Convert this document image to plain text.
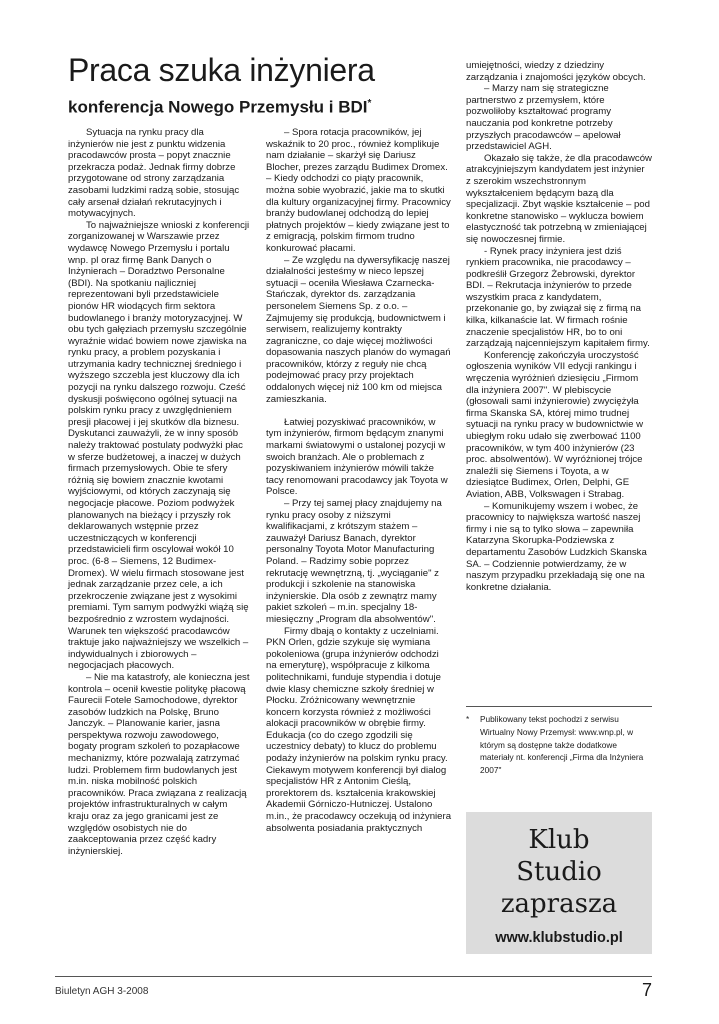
Praca szuka inżyniera
konferencja Nowego Przemysłu i BDI*

Sytuacja na rynku pracy dla inżynierów nie jest z punktu widzenia pracodawców prosta – popyt znacznie przekracza podaż. Jednak firmy dobrze przygotowane od strony zarządzania zasobami ludzkimi radzą sobie, stosując cały arsenał działań rekrutacyjnych i motywacyjnych.

To najważniejsze wnioski z konferencji zorganizowanej w Warszawie przez wydawcę Nowego Przemysłu i portalu wnp. pl oraz firmę Bank Danych o Inżynierach – Doradztwo Personalne (BDI). Na spotkaniu najliczniej reprezentowani byli przedstawiciele pionów HR wiodących firm sektora budowlanego i branży motoryzacyjnej. W obu tych gałęziach przemysłu szczególnie wyraźnie widać bowiem nowe zjawiska na rynku pracy, a problem pozyskania i utrzymania kadry technicznej średniego i wyższego szczebla jest kluczowy dla ich pozycji na rynku dalszego rozwoju. Cześć dyskusji poświęcono ogólnej sytuacji na polskim rynku pracy z uwzględnieniem presji płacowej i jej skutków dla biznesu. Dyskutanci zauważyli, że w inny sposób należy traktować postulaty podwyżki płac w sferze budżetowej, a inaczej w dużych firmach przemysłowych. Obie te sfery różnią się bowiem znacznie kwotami wyjściowymi, od których zaczynają się negocjacje płacowe. Poziom podwyżek planowanych na bieżący i przyszły rok deklarowanych wstępnie przez uczestniczących w konferencji przedstawicieli firm oscylował wokół 10 proc. (6-8 – Siemens, 12 Budimex-Dromex). W wielu firmach stosowane jest jednak zarządzanie przez cele, a ich przekroczenie związane jest z wysokimi premiami. Tym samym podwyżki wiążą się bezpośrednio z wzrostem wydajności. Warunek ten większość pracodawców traktuje jako najważniejszy we wszelkich – indywidualnych i zbiorowych – negocjacjach płacowych.

– Nie ma katastrofy, ale konieczna jest kontrola – ocenił kwestie politykę płacową Faurecii Fotele Samochodowe, dyrektor zasobów ludzkich na Polskę, Bruno Janczyk. – Planowanie karier, jasna perspektywa rozwoju zawodowego, bogaty program szkoleń to pozapłacowe mechanizmy, które pozwalają zatrzymać ludzi. Problemem firm budowlanych jest m.in. niska mobilność polskich pracowników. Praca związana z realizacją projektów infrastrukturalnych w całym kraju oraz za jego granicami jest ze względów osobistych nie do zaakceptowania przez część kadry inżynierskiej.

– Spora rotacja pracowników, jej wskaźnik to 20 proc., również komplikuje nam działanie – skarżył się Dariusz Blocher, prezes zarządu Budimex Dromex. – Kiedy odchodzi co piąty pracownik, można sobie wyobrazić, jakie ma to skutki dla kultury organizacyjnej firmy. Pracownicy branży budowlanej odchodzą do lepiej płatnych projektów – kiedy związane jest to z emigracją, polskim firmom trudno konkurować płacami.

– Ze względu na dywersyfikację naszej działalności jesteśmy w nieco lepszej sytuacji – oceniła Wiesława Czarnecka-Stańczak, dyrektor ds. zarządzania personelem Siemens Sp. z o.o. – Zajmujemy się produkcją, budownictwem i serwisem, realizujemy kontrakty zagraniczne, co daje więcej możliwości dopasowania naszych planów do wymagań pracowników, którzy z reguły nie chcą podejmować pracy przy projektach oddalonych więcej niż 100 km od miejsca zamieszkania.

Łatwiej pozyskiwać pracowników, w tym inżynierów, firmom będącym znanymi markami światowymi o ustalonej pozycji w swoich branżach. Ale o problemach z pozyskiwaniem inżynierów mówili także tacy renomowani pracodawcy jak Toyota w Polsce.

– Przy tej samej płacy znajdujemy na rynku pracy osoby z niższymi kwalifikacjami, z krótszym stażem – zauważył Dariusz Banach, dyrektor personalny Toyota Motor Manufacturing Poland. – Radzimy sobie poprzez rekrutację wewnętrzną, tj. „wyciąganie" z produkcji i szkolenie na stanowiska inżynierskie. Dla osób z zewnątrz mamy pakiet szkoleń – m.in. specjalny 18-miesięczny „Program dla absolwentów".

Firmy dbają o kontakty z uczelniami. PKN Orlen, gdzie szykuje się wymiana pokoleniowa (grupa inżynierów odchodzi na emeryturę), współpracuje z kilkoma politechnikami, funduje stypendia i dotuje dwie klasy chemiczne szkoły średniej w Płocku. Zróżnicowany wewnętrznie koncern korzysta również z możliwości alokacji pracowników w obrębie firmy. Edukacja (co do czego zgodzili się uczestnicy debaty) to klucz do problemu podaży inżynierów na polskim rynku pracy. Ciekawym motywem konferencji był dialog specjalistów HR z Antonim Cieślą, prorektorem ds. kształcenia krakowskiej Akademii Górniczo-Hutniczej. Ustalono m.in., że pracodawcy oczekują od inżyniera absolwenta posiadania praktycznych

umiejętności, wiedzy z dziedziny zarządzania i znajomości języków obcych.

– Marzy nam się strategiczne partnerstwo z przemysłem, które pozwoliłoby kształtować programy nauczania pod konkretne potrzeby przyszłych pracodawców – apelował przedstawiciel AGH.

Okazało się także, że dla pracodawców atrakcyjniejszym kandydatem jest inżynier z szerokim wszechstronnym wykształceniem będącym bazą dla specjalizacji. Zbyt wąskie kształcenie – pod konkretne stanowisko – wyklucza bowiem elastyczność tak potrzebną w zmieniającej się nowoczesnej firmie.

- Rynek pracy inżyniera jest dziś rynkiem pracownika, nie pracodawcy – podkreślił Grzegorz Żebrowski, dyrektor BDI. – Rekrutacja inżynierów to przede wszystkim praca z kandydatem, przekonanie go, by związał się z firmą na kilka, kilkanaście lat. W firmach rośnie znaczenie specjalistów HR, bo to oni zarządzają najcenniejszym kapitałem firmy.

Konferencję zakończyła uroczystość ogłoszenia wyników VII edycji rankingu i wręczenia wyróżnień dziesięciu „Firmom dla inżyniera 2007". W plebiscycie (głosowali sami inżynierowie) zwyciężyła firma Skanska SA, której mimo trudnej sytuacji na rynku pracy w budownictwie w ubiegłym roku udało się zwerbować 1100 pracowników, w tym 400 inżynierów (23 proc. absolwentów). W wyróżnionej trójce znaleźli się Siemens i Toyota, a w dziesiątce Budimex, Orlen, Delphi, GE Aviation, ABB, Volkswagen i Strabag.

– Komunikujemy wszem i wobec, że pracownicy to największa wartość naszej firmy i nie są to tylko słowa – zapewniła Katarzyna Skorupka-Podziewska z departamentu Zasobów Ludzkich Skanska SA. – Codziennie potwierdzamy, że w naszym przypadku przekładają się one na konkretne działania.

*	Publikowany tekst pochodzi z serwisu Wirtualny Nowy Przemysł: www.wnp.pl, w którym są dostępne także dodatkowe materiały nt. konferencji „Firma dla Inżyniera 2007"
Klub
Studio
zaprasza
www.klubstudio.pl
Biuletyn AGH 3-2008	7
